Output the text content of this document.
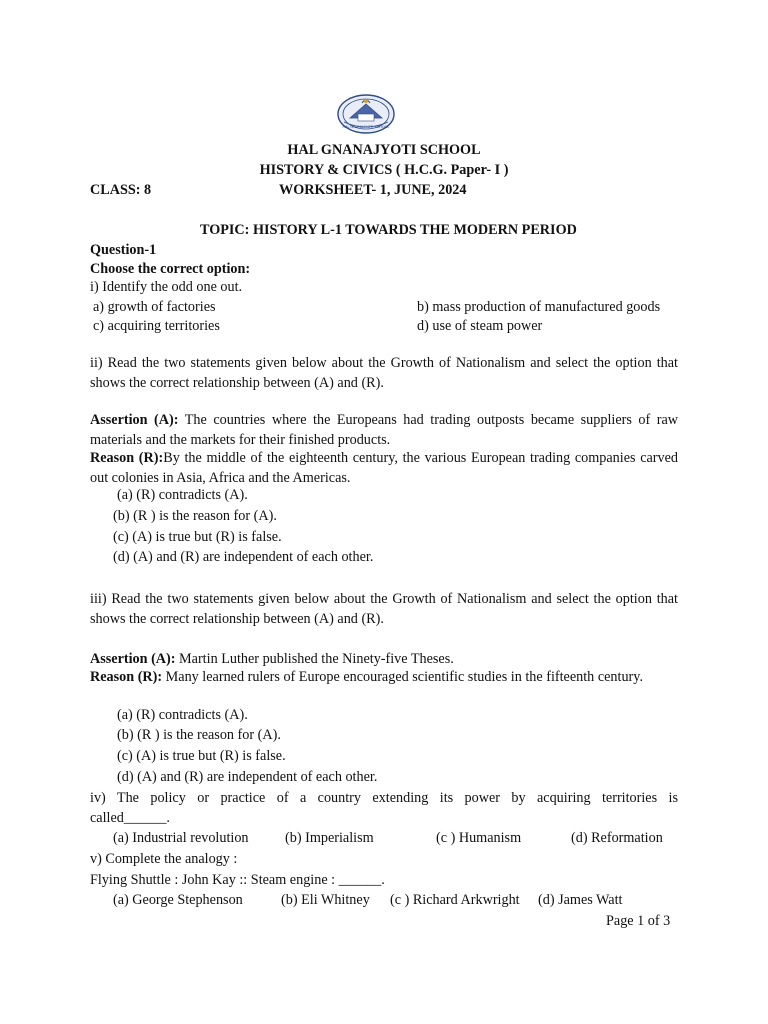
HAL GNANAJYOTI SCHOOL
HAL GNANAJYOTI SCHOOL
HISTORY & CIVICS ( H.C.G. Paper- I )
CLASS: 8	WORKSHEET- 1, JUNE, 2024
TOPIC: HISTORY L-1 TOWARDS THE MODERN PERIOD
Question-1
Choose the correct option:
i) Identify the odd one out.
a) growth of factories	b) mass production of manufactured goods
c) acquiring territories	d) use of steam power
ii) Read the two statements given below about the Growth of Nationalism and select the option that shows the correct relationship between (A) and (R).
Assertion (A): The countries where the Europeans had trading outposts became suppliers of raw materials and the markets for their finished products.
Reason (R):By the middle of the eighteenth century, the various European trading companies carved out colonies in Asia, Africa and the Americas.
(a) (R) contradicts (A).
(b) (R ) is the reason for (A).
(c) (A) is true but (R) is false.
(d) (A) and (R) are independent of each other.
iii) Read the two statements given below about the Growth of Nationalism and select the option that shows the correct relationship between (A) and (R).
Assertion (A): Martin Luther published the Ninety-five Theses.
Reason (R): Many learned rulers of Europe encouraged scientific studies in the fifteenth century.
(a) (R) contradicts (A).
(b) (R ) is the reason for (A).
(c) (A) is true but (R) is false.
(d) (A) and (R) are independent of each other.
iv) The policy or practice of a country extending its power by acquiring territories is
called______.
(a) Industrial revolution	(b) Imperialism	(c ) Humanism	(d) Reformation
v) Complete the analogy :
Flying Shuttle : John Kay :: Steam engine : ______.
(a) George Stephenson	(b) Eli Whitney (c ) Richard Arkwright (d) James Watt
Page 1 of 3
